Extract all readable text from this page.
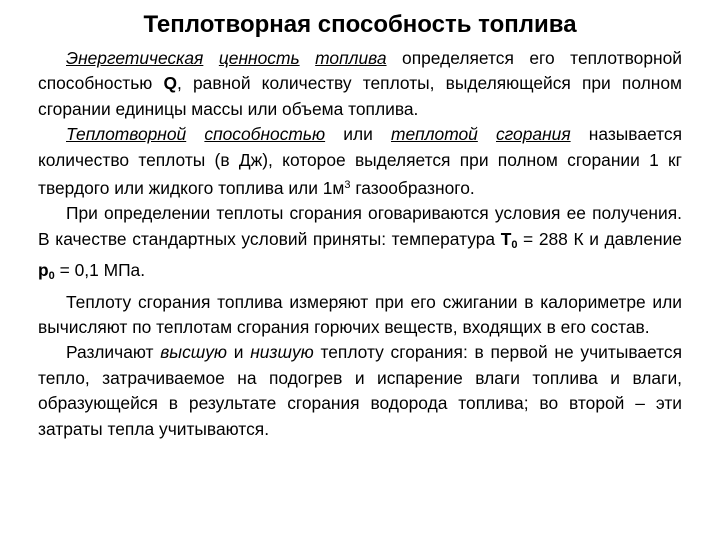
Теплотворная способность топлива

Энергетическая ценность топлива определяется его теплотворной способностью Q, равной количеству теплоты, выделяющейся при полном сгорании единицы массы или объема топлива.

Теплотворной способностью или теплотой сгорания называется количество теплоты (в Дж), которое выделяется при полном сгорании 1 кг твердого или жидкого топлива или $1м^3$ газообразного.

При определении теплоты сгорания оговариваются условия ее получения. В качестве стандартных условий приняты: температура $T_0 = 288$ К и давление $p_0 = 0,1$ МПа.

Теплоту сгорания топлива измеряют при его сжигании в калориметре или вычисляют по теплотам сгорания горючих веществ, входящих в его состав.

Различают высшую и низшую теплоту сгорания: в первой не учитывается тепло, затрачиваемое на подогрев и испарение влаги топлива и влаги, образующейся в результате сгорания водорода топлива; во второй – эти затраты тепла учитываются.
